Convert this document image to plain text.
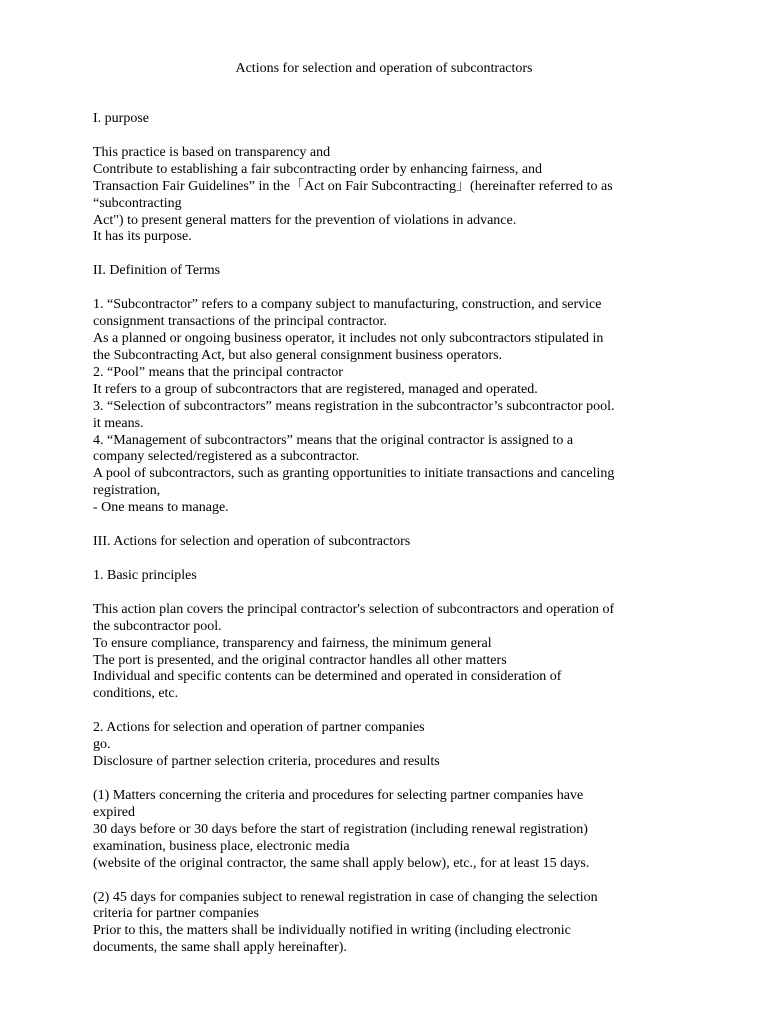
Actions for selection and operation of subcontractors

I. purpose

This practice is based on transparency and

Contribute to establishing a fair subcontracting order by enhancing fairness, and

Transaction Fair Guidelines” in the「Act on Fair Subcontracting」(hereinafter referred to as

“subcontracting

Act") to present general matters for the prevention of violations in advance.

It has its purpose.

II. Definition of Terms

1. “Subcontractor” refers to a company subject to manufacturing, construction, and service

consignment transactions of the principal contractor.

As a planned or ongoing business operator, it includes not only subcontractors stipulated in

the Subcontracting Act, but also general consignment business operators.

2. “Pool” means that the principal contractor

It refers to a group of subcontractors that are registered, managed and operated.

3. “Selection of subcontractors” means registration in the subcontractor’s subcontractor pool.

it means.

4. “Management of subcontractors” means that the original contractor is assigned to a

company selected/registered as a subcontractor.

A pool of subcontractors, such as granting opportunities to initiate transactions and canceling

registration,

- One means to manage.

III. Actions for selection and operation of subcontractors

1. Basic principles

This action plan covers the principal contractor's selection of subcontractors and operation of

the subcontractor pool.

To ensure compliance, transparency and fairness, the minimum general

The port is presented, and the original contractor handles all other matters

Individual and specific contents can be determined and operated in consideration of

conditions, etc.

2. Actions for selection and operation of partner companies

go.

Disclosure of partner selection criteria, procedures and results

(1) Matters concerning the criteria and procedures for selecting partner companies have

expired

30 days before or 30 days before the start of registration (including renewal registration)

examination, business place, electronic media

(website of the original contractor, the same shall apply below), etc., for at least 15 days.

(2) 45 days for companies subject to renewal registration in case of changing the selection

criteria for partner companies

Prior to this, the matters shall be individually notified in writing (including electronic

documents, the same shall apply hereinafter).
